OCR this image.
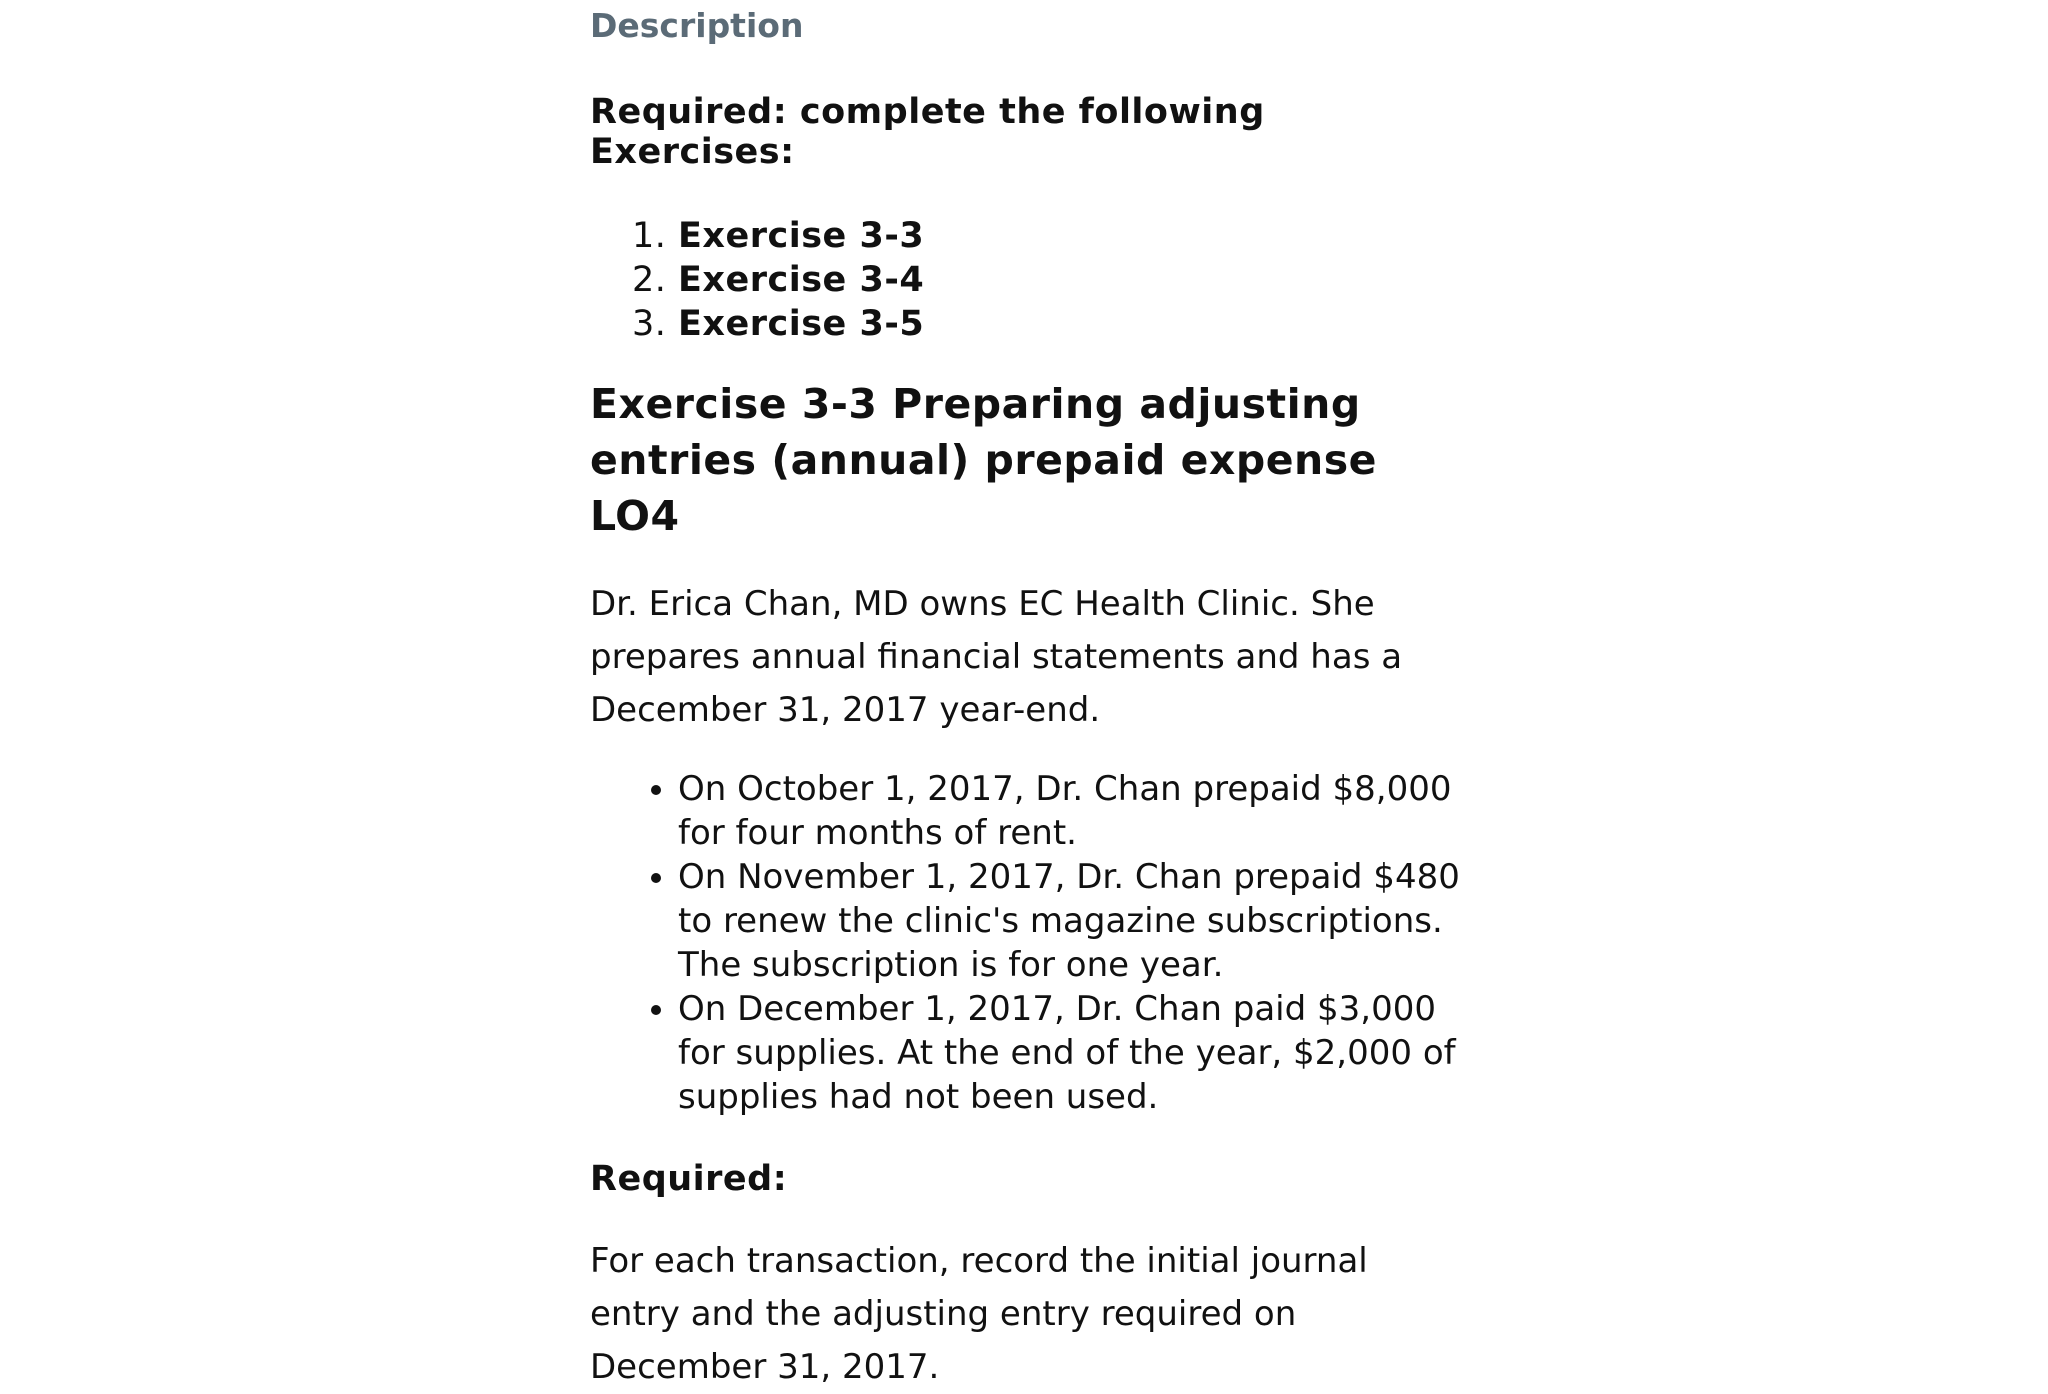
Description
Required: complete the following Exercises:
1. Exercise 3-3
2. Exercise 3-4
3. Exercise 3-5
Exercise 3-3 Preparing adjusting entries (annual) prepaid expense LO4

Dr. Erica Chan, MD owns EC Health Clinic. She prepares annual financial statements and has a December 31, 2017 year-end.

• On October 1, 2017, Dr. Chan prepaid $8,000 for four months of rent.
• On November 1, 2017, Dr. Chan prepaid $480 to renew the clinic's magazine subscriptions. The subscription is for one year.
• On December 1, 2017, Dr. Chan paid $3,000 for supplies. At the end of the year, $2,000 of supplies had not been used.
Required:

For each transaction, record the initial journal entry and the adjusting entry required on December 31, 2017.
